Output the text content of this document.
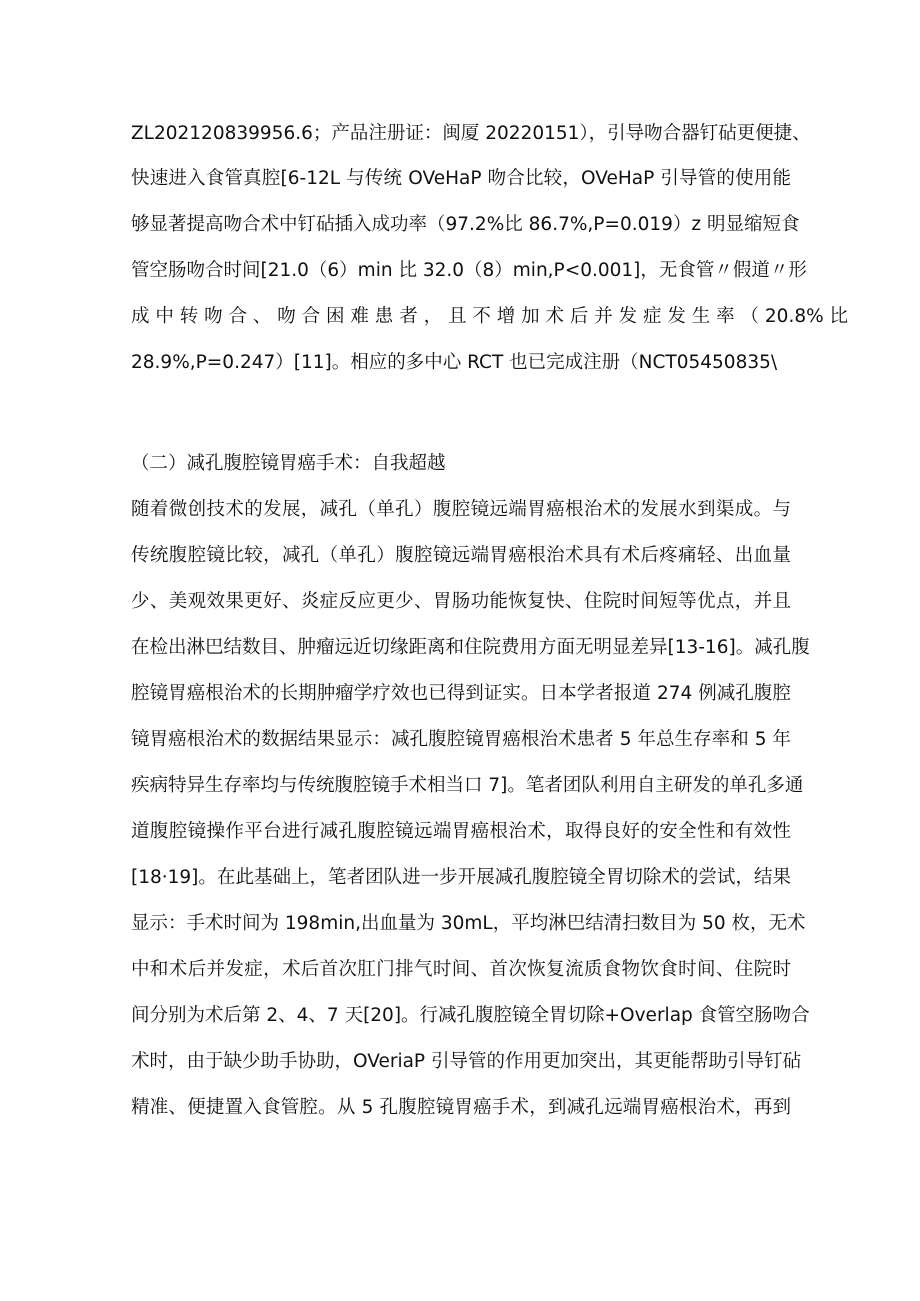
ZL202120839956.6；产品注册证：闽厦 20220151），引导吻合器钉砧更便捷、
快速进入食管真腔[6-12L 与传统 OVeHaP 吻合比较，OVeHaP 引导管的使用能
够显著提高吻合术中钉砧插入成功率（97.2%比 86.7%,P=0.019）z 明显缩短食
管空肠吻合时间[21.0（6）min 比 32.0（8）min,P<0.001]，无食管〃假道〃形
成 中 转 吻 合 、 吻 合 困 难 患 者 ， 且 不 增 加 术 后 并 发 症 发 生 率 （ 20.8% 比
28.9%,P=0.247）[11]。相应的多中心 RCT 也已完成注册（NCT05450835\
（二）减孔腹腔镜胃癌手术：自我超越
随着微创技术的发展，减孔（单孔）腹腔镜远端胃癌根治术的发展水到渠成。与
传统腹腔镜比较，减孔（单孔）腹腔镜远端胃癌根治术具有术后疼痛轻、出血量
少、美观效果更好、炎症反应更少、胃肠功能恢复快、住院时间短等优点，并且
在检出淋巴结数目、肿瘤远近切缘距离和住院费用方面无明显差异[13-16]。减孔腹
腔镜胃癌根治术的长期肿瘤学疗效也已得到证实。日本学者报道 274 例减孔腹腔
镜胃癌根治术的数据结果显示：减孔腹腔镜胃癌根治术患者 5 年总生存率和 5 年
疾病特异生存率均与传统腹腔镜手术相当口 7]。笔者团队利用自主研发的单孔多通
道腹腔镜操作平台进行减孔腹腔镜远端胃癌根治术，取得良好的安全性和有效性
[18·19]。在此基础上，笔者团队进一步开展减孔腹腔镜全胃切除术的尝试，结果
显示：手术时间为 198min,出血量为 30mL，平均淋巴结清扫数目为 50 枚，无术
中和术后并发症，术后首次肛门排气时间、首次恢复流质食物饮食时间、住院时
间分别为术后第 2、4、7 天[20]。行减孔腹腔镜全胃切除+Overlap 食管空肠吻合
术时，由于缺少助手协助，OVeriaP 引导管的作用更加突出，其更能帮助引导钉砧
精准、便捷置入食管腔。从 5 孔腹腔镜胃癌手术，到减孔远端胃癌根治术，再到
